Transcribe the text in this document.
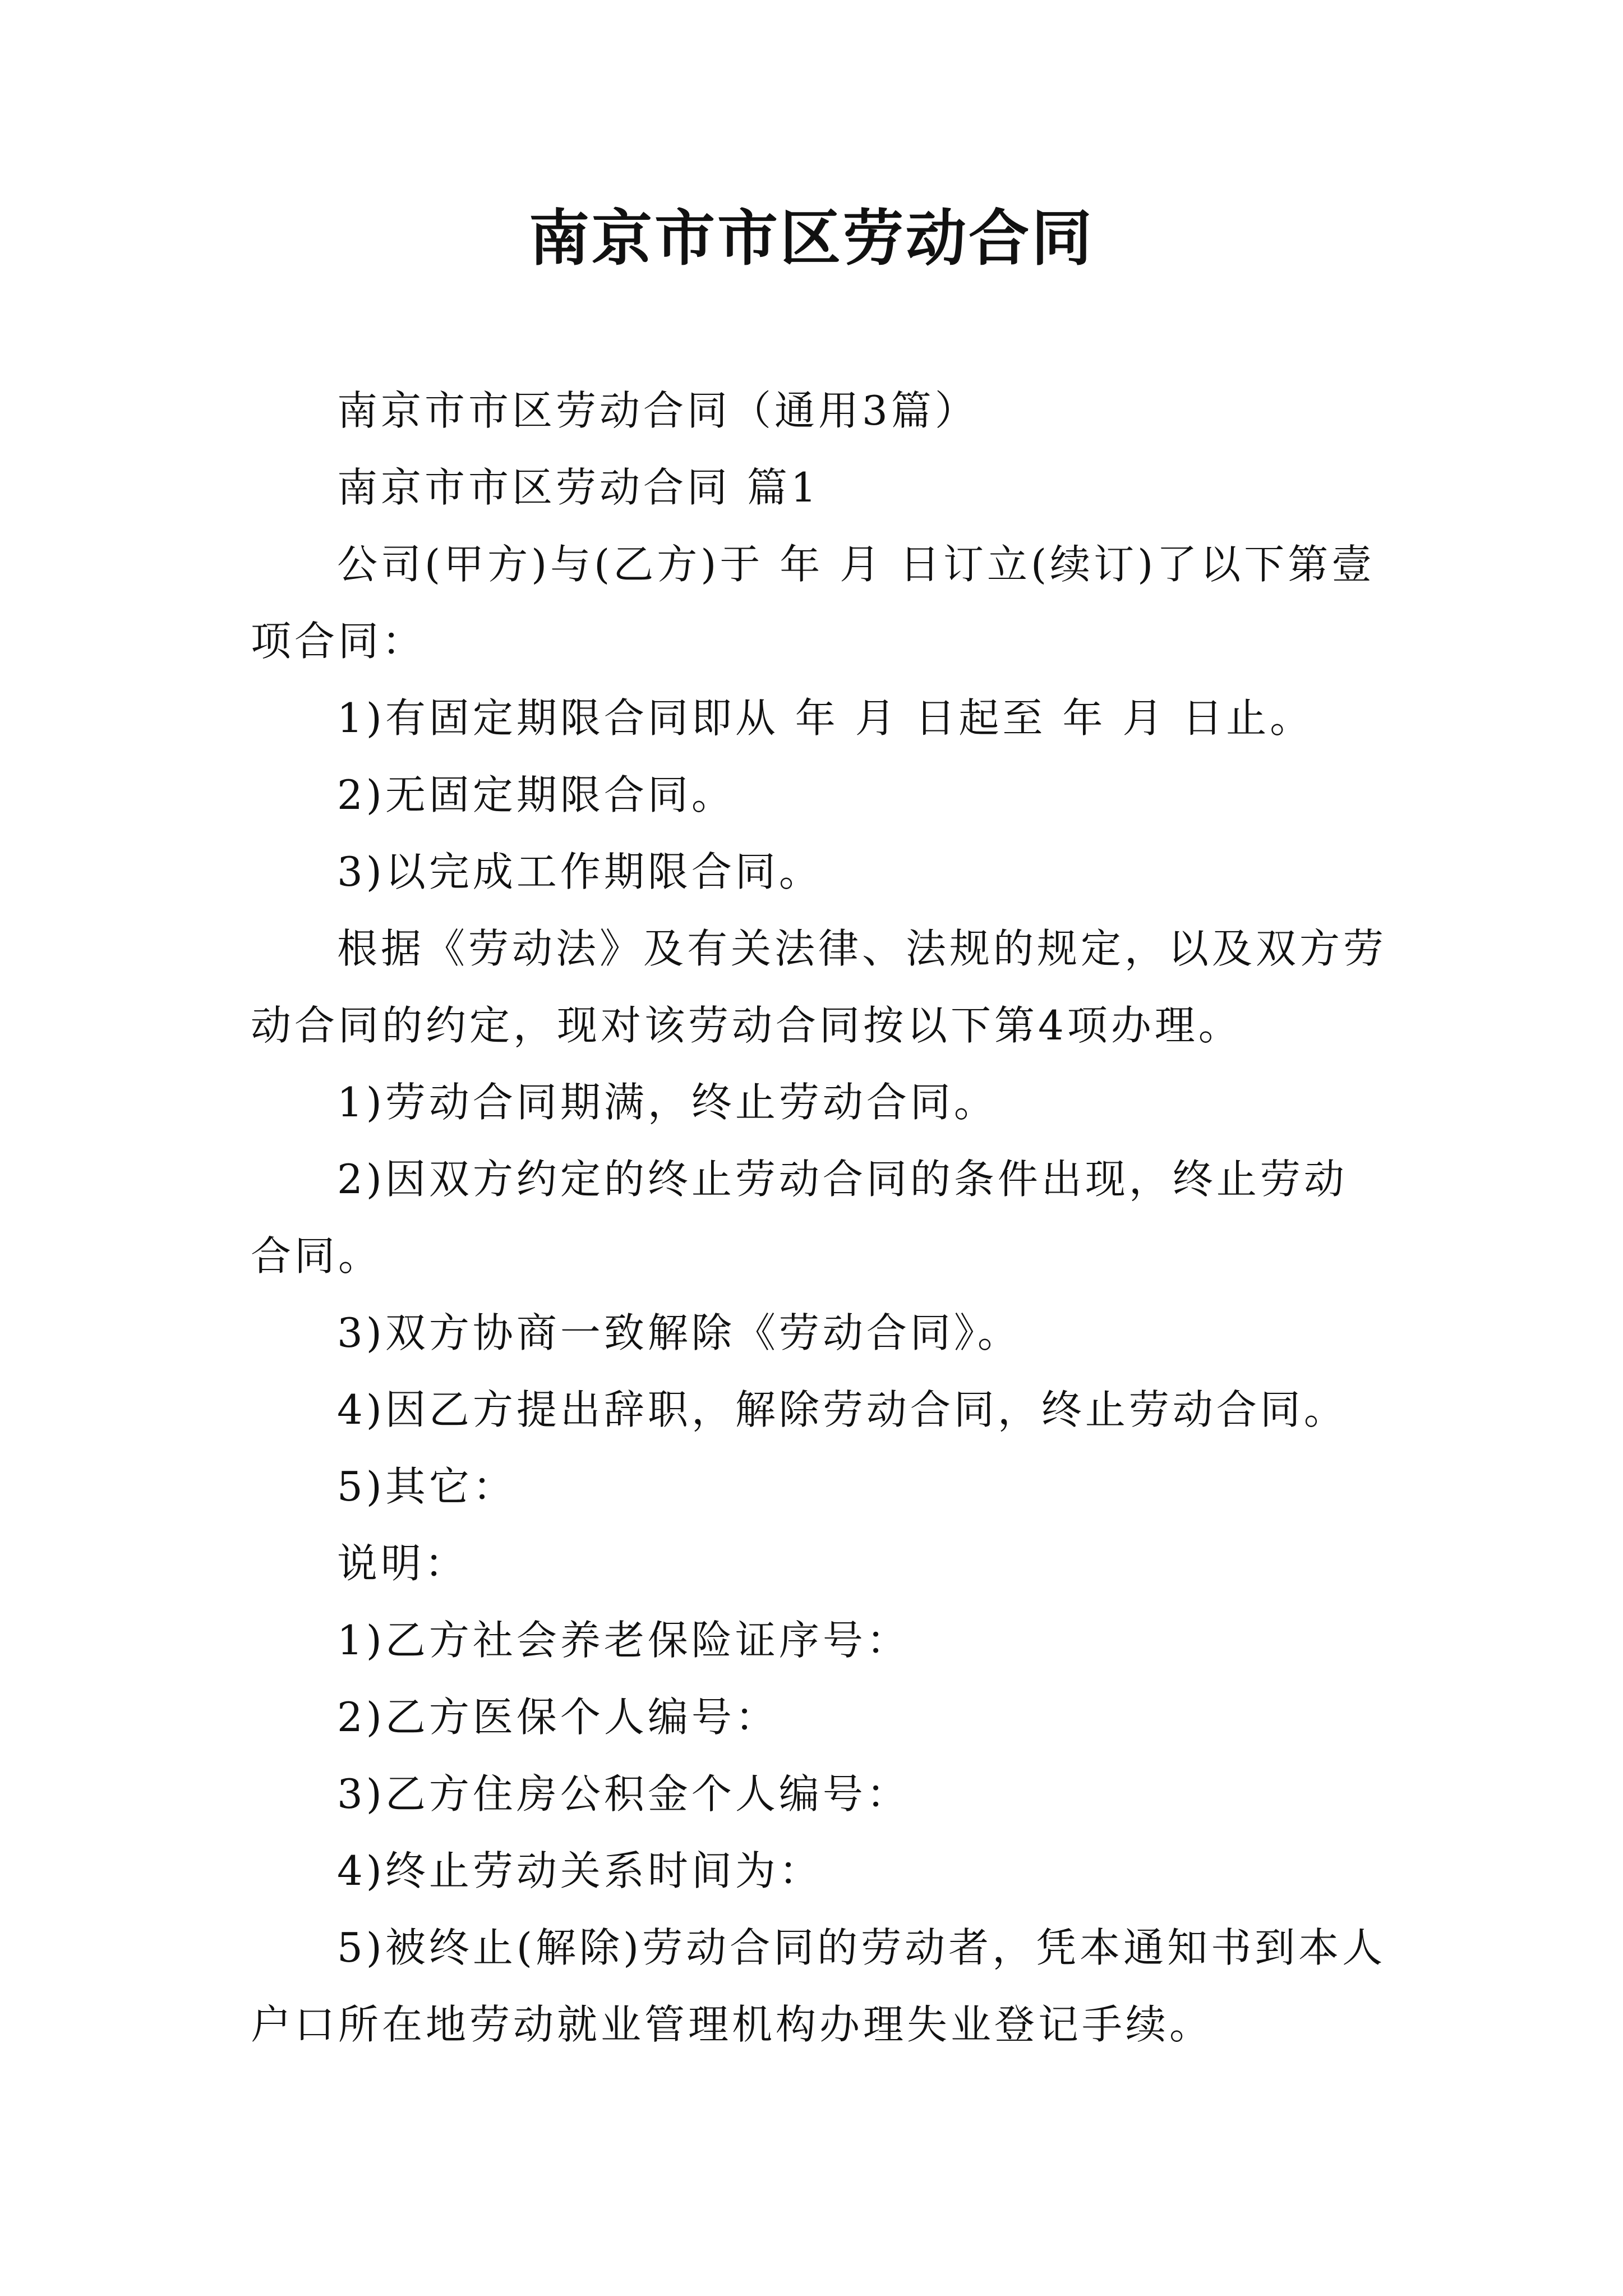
南京市市区劳动合同

南京市市区劳动合同（通用3篇）

南京市市区劳动合同 篇1

公司(甲方)与(乙方)于 年 月 日订立(续订)了以下第壹项合同：

1)有固定期限合同即从 年 月 日起至 年 月 日止。

2)无固定期限合同。

3)以完成工作期限合同。

根据《劳动法》及有关法律、法规的规定，以及双方劳动合同的约定，现对该劳动合同按以下第4项办理。

1)劳动合同期满，终止劳动合同。

2)因双方约定的终止劳动合同的条件出现，终止劳动合同。

3)双方协商一致解除《劳动合同》。

4)因乙方提出辞职，解除劳动合同，终止劳动合同。

5)其它：

说明：

1)乙方社会养老保险证序号：

2)乙方医保个人编号：

3)乙方住房公积金个人编号：

4)终止劳动关系时间为：

5)被终止(解除)劳动合同的劳动者，凭本通知书到本人户口所在地劳动就业管理机构办理失业登记手续。
